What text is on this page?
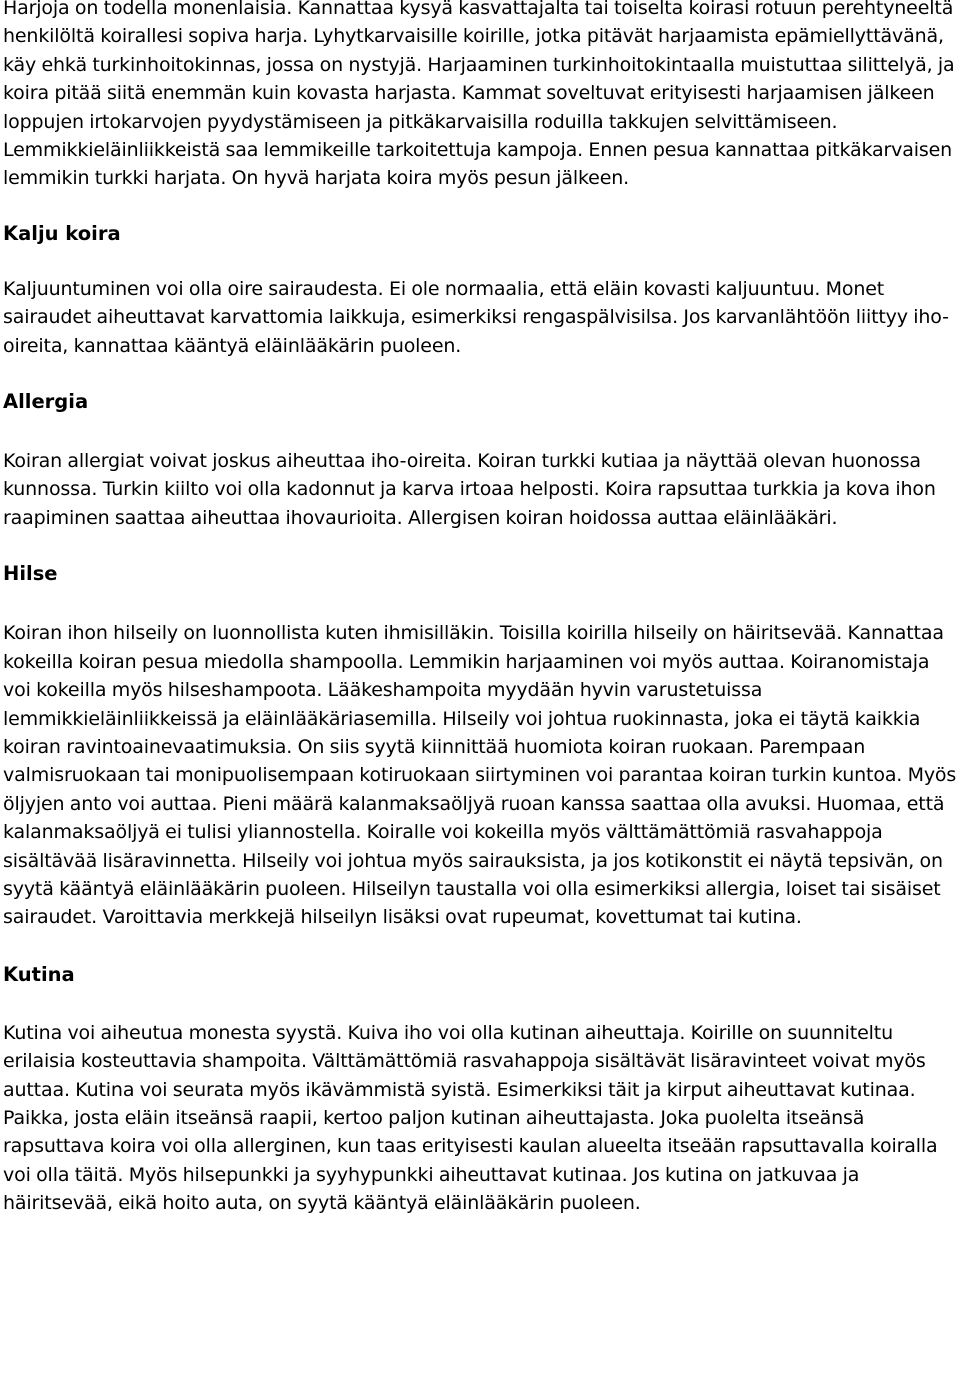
Harjoja on todella monenlaisia. Kannattaa kysyä kasvattajalta tai toiselta koirasi rotuun perehtyneeltä henkilöltä koirallesi sopiva harja. Lyhytkarvaisille koirille, jotka pitävät harjaamista epämiellyttävänä, käy ehkä turkinhoitokinnas, jossa on nystyjä. Harjaaminen turkinhoitokintaalla muistuttaa silittelyä, ja koira pitää siitä enemmän kuin kovasta harjasta. Kammat soveltuvat erityisesti harjaamisen jälkeen loppujen irtokarvojen pyydystämiseen ja pitkäkarvaisilla roduilla takkujen selvittämiseen. Lemmikkieläinliikkeistä saa lemmikeille tarkoitettuja kampoja. Ennen pesua kannattaa pitkäkarvaisen lemmikin turkki harjata. On hyvä harjata koira myös pesun jälkeen.

Kalju koira

Kaljuuntuminen voi olla oire sairaudesta. Ei ole normaalia, että eläin kovasti kaljuuntuu. Monet sairaudet aiheuttavat karvattomia laikkuja, esimerkiksi rengaspälvisilsa. Jos karvanlähtöön liittyy iho-oireita, kannattaa kääntyä eläinlääkärin puoleen.

Allergia

Koiran allergiat voivat joskus aiheuttaa iho-oireita. Koiran turkki kutiaa ja näyttää olevan huonossa kunnossa. Turkin kiilto voi olla kadonnut ja karva irtoaa helposti. Koira rapsuttaa turkkia ja kova ihon raapiminen saattaa aiheuttaa ihovaurioita. Allergisen koiran hoidossa auttaa eläinlääkäri.

Hilse

Koiran ihon hilseily on luonnollista kuten ihmisilläkin. Toisilla koirilla hilseily on häiritsevää. Kannattaa kokeilla koiran pesua miedolla shampoolla. Lemmikin harjaaminen voi myös auttaa. Koiranomistaja voi kokeilla myös hilseshampoota. Lääkeshampoita myydään hyvin varustetuissa lemmikkieläinliikkeissä ja eläinlääkäriasemilla. Hilseily voi johtua ruokinnasta, joka ei täytä kaikkia koiran ravintoainevaatimuksia. On siis syytä kiinnittää huomiota koiran ruokaan. Parempaan valmisruokaan tai monipuolisempaan kotiruokaan siirtyminen voi parantaa koiran turkin kuntoa. Myös öljyjen anto voi auttaa. Pieni määrä kalanmaksaöljyä ruoan kanssa saattaa olla avuksi. Huomaa, että kalanmaksaöljyä ei tulisi yliannostella. Koiralle voi kokeilla myös välttämättömiä rasvahappoja sisältävää lisäravinnetta. Hilseily voi johtua myös sairauksista, ja jos kotikonstit ei näytä tepsivän, on syytä kääntyä eläinlääkärin puoleen. Hilseilyn taustalla voi olla esimerkiksi allergia, loiset tai sisäiset sairaudet. Varoittavia merkkejä hilseilyn lisäksi ovat rupeumat, kovettumat tai kutina.

Kutina

Kutina voi aiheutua monesta syystä. Kuiva iho voi olla kutinan aiheuttaja. Koirille on suunniteltu erilaisia kosteuttavia shampoita. Välttämättömiä rasvahappoja sisältävät lisäravinteet voivat myös auttaa. Kutina voi seurata myös ikävämmistä syistä. Esimerkiksi täit ja kirput aiheuttavat kutinaa. Paikka, josta eläin itseänsä raapii, kertoo paljon kutinan aiheuttajasta. Joka puolelta itseänsä rapsuttava koira voi olla allerginen, kun taas erityisesti kaulan alueelta itseään rapsuttavalla koiralla voi olla täitä. Myös hilsepunkki ja syyhypunkki aiheuttavat kutinaa. Jos kutina on jatkuvaa ja häiritsevää, eikä hoito auta, on syytä kääntyä eläinlääkärin puoleen.
